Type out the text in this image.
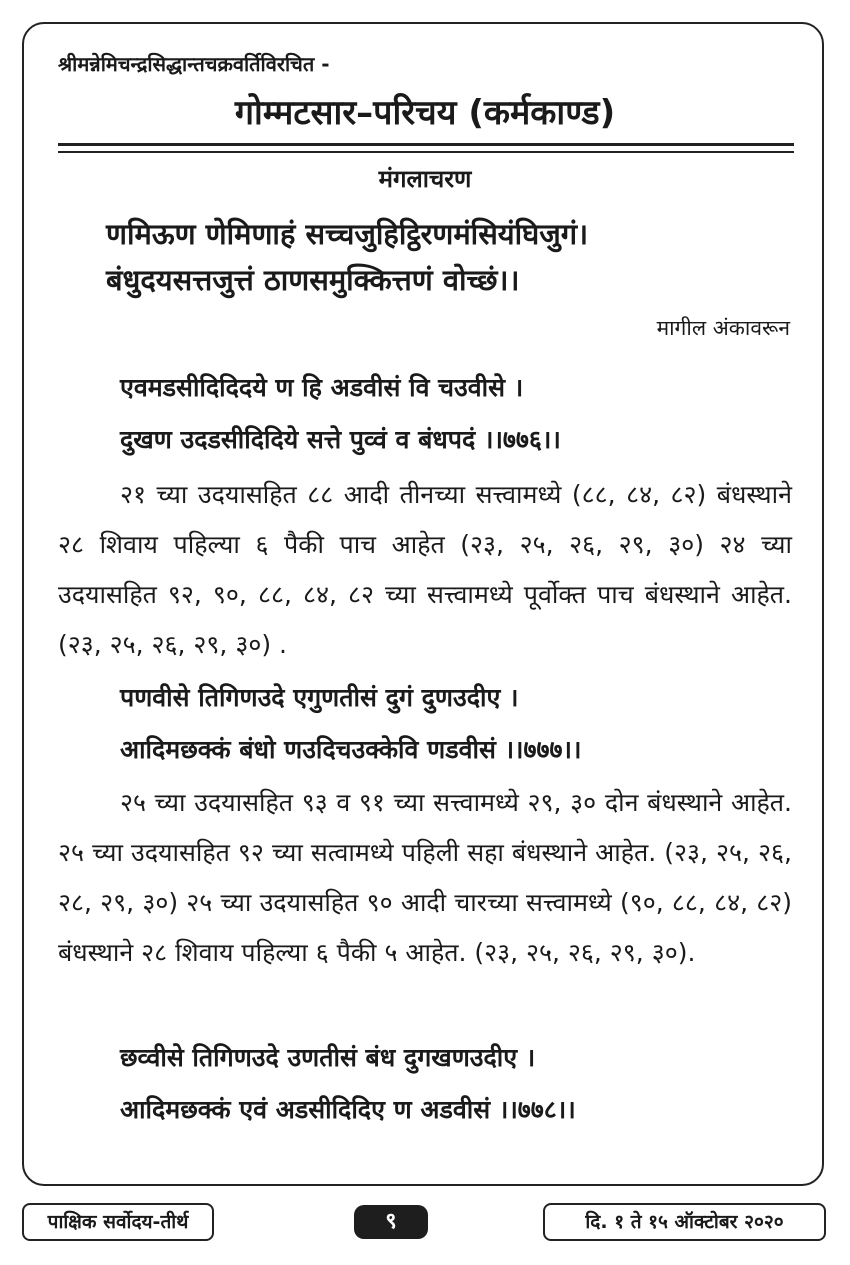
श्रीमन्नेमिचन्द्रसिद्धान्तचक्रवर्तिविरचित -
गोम्मटसार–परिचय (कर्मकाण्ड)
मंगलाचरण
णमिऊण णेमिणाहं सच्चजुहिट्ठिरणमंसियंघिजुगं।
बंधुदयसत्तजुत्तं ठाणसमुक्कित्तणं वोच्छं।।
मागील अंकावरून
एवमडसीदिदिदये ण हि अडवीसं वि चउवीसे ।
दुखण उदडसीदिदिये सत्ते पुव्वं व बंधपदं ।।७७६।।

२१ च्या उदयासहित ८८ आदी तीनच्या सत्त्वामध्ये (८८, ८४, ८२) बंधस्थाने २८ शिवाय पहिल्या ६ पैकी पाच आहेत (२३, २५, २६, २९, ३०) २४ च्या उदयासहित ९२, ९०, ८८, ८४, ८२ च्या सत्त्वामध्ये पूर्वोक्त पाच बंधस्थाने आहेत. (२३, २५, २६, २९, ३०) .

पणवीसे तिगिणउदे एगुणतीसं दुगं दुणउदीए ।
आदिमछक्कं बंधो णउदिचउक्केवि णडवीसं ।।७७७।।

२५ च्या उदयासहित ९३ व ९१ च्या सत्त्वामध्ये २९, ३० दोन बंधस्थाने आहेत. २५ च्या उदयासहित ९२ च्या सत्वामध्ये पहिली सहा बंधस्थाने आहेत. (२३, २५, २६, २८, २९, ३०) २५ च्या उदयासहित ९० आदी चारच्या सत्त्वामध्ये (९०, ८८, ८४, ८२) बंधस्थाने २८ शिवाय पहिल्या ६ पैकी ५ आहेत. (२३, २५, २६, २९, ३०).

छव्वीसे तिगिणउदे उणतीसं बंध दुगखणउदीए ।
आदिमछक्कं एवं अडसीदिदिए ण अडवीसं ।।७७८।।
पाक्षिक सर्वोदय-तीर्थ	९	दि. १ ते १५ ऑक्टोबर २०२०
